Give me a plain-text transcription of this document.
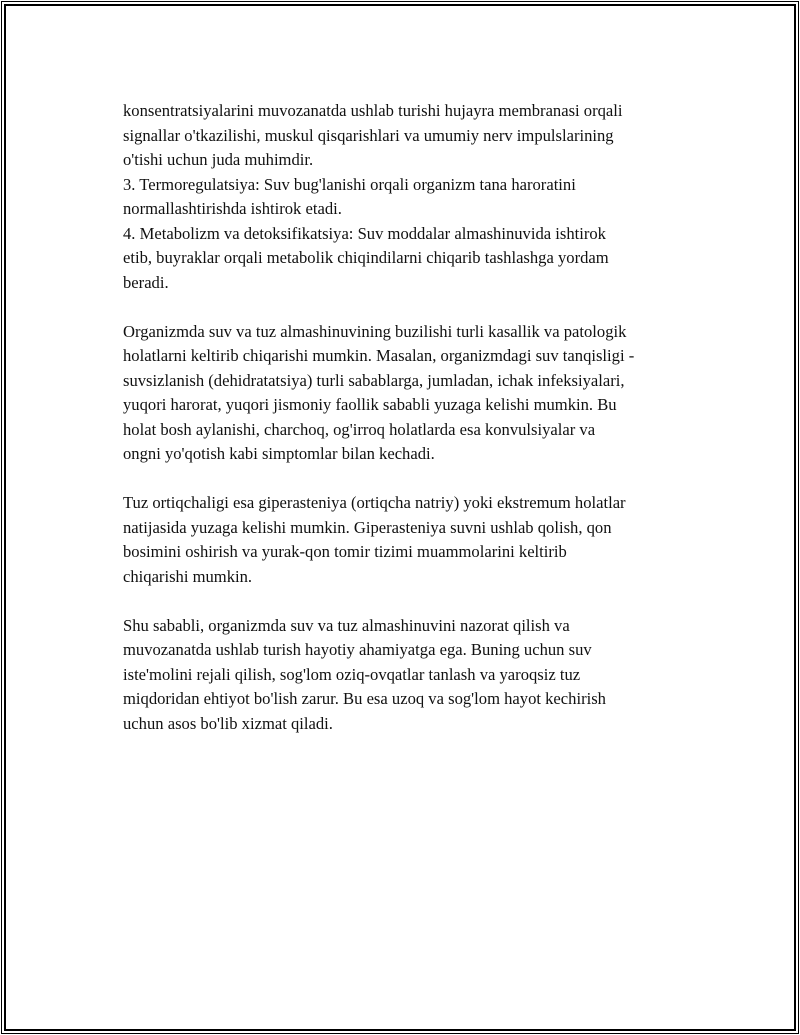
konsentratsiyalarini muvozanatda ushlab turishi hujayra membranasi orqali
signallar o'tkazilishi, muskul qisqarishlari va umumiy nerv impulslarining
o'tishi uchun juda muhimdir.
3. Termoregulatsiya: Suv bug'lanishi orqali organizm tana haroratini
normallashtirishda ishtirok etadi.
4. Metabolizm va detoksifikatsiya: Suv moddalar almashinuvida ishtirok
etib, buyraklar orqali metabolik chiqindilarni chiqarib tashlashga yordam
beradi.

Organizmda suv va tuz almashinuvining buzilishi turli kasallik va patologik
holatlarni keltirib chiqarishi mumkin. Masalan, organizmdagi suv tanqisligi -
suvsizlanish (dehidratatsiya) turli sabablarga, jumladan, ichak infeksiyalari,
yuqori harorat, yuqori jismoniy faollik sababli yuzaga kelishi mumkin. Bu
holat bosh aylanishi, charchoq, og'irroq holatlarda esa konvulsiyalar va
ongni yo'qotish kabi simptomlar bilan kechadi.

Tuz ortiqchaligi esa giperasteniya (ortiqcha natriy) yoki ekstremum holatlar
natijasida yuzaga kelishi mumkin. Giperasteniya suvni ushlab qolish, qon
bosimini oshirish va yurak-qon tomir tizimi muammolarini keltirib
chiqarishi mumkin.

Shu sababli, organizmda suv va tuz almashinuvini nazorat qilish va
muvozanatda ushlab turish hayotiy ahamiyatga ega. Buning uchun suv
iste'molini rejali qilish, sog'lom oziq-ovqatlar tanlash va yaroqsiz tuz
miqdoridan ehtiyot bo'lish zarur. Bu esa uzoq va sog'lom hayot kechirish
uchun asos bo'lib xizmat qiladi.
